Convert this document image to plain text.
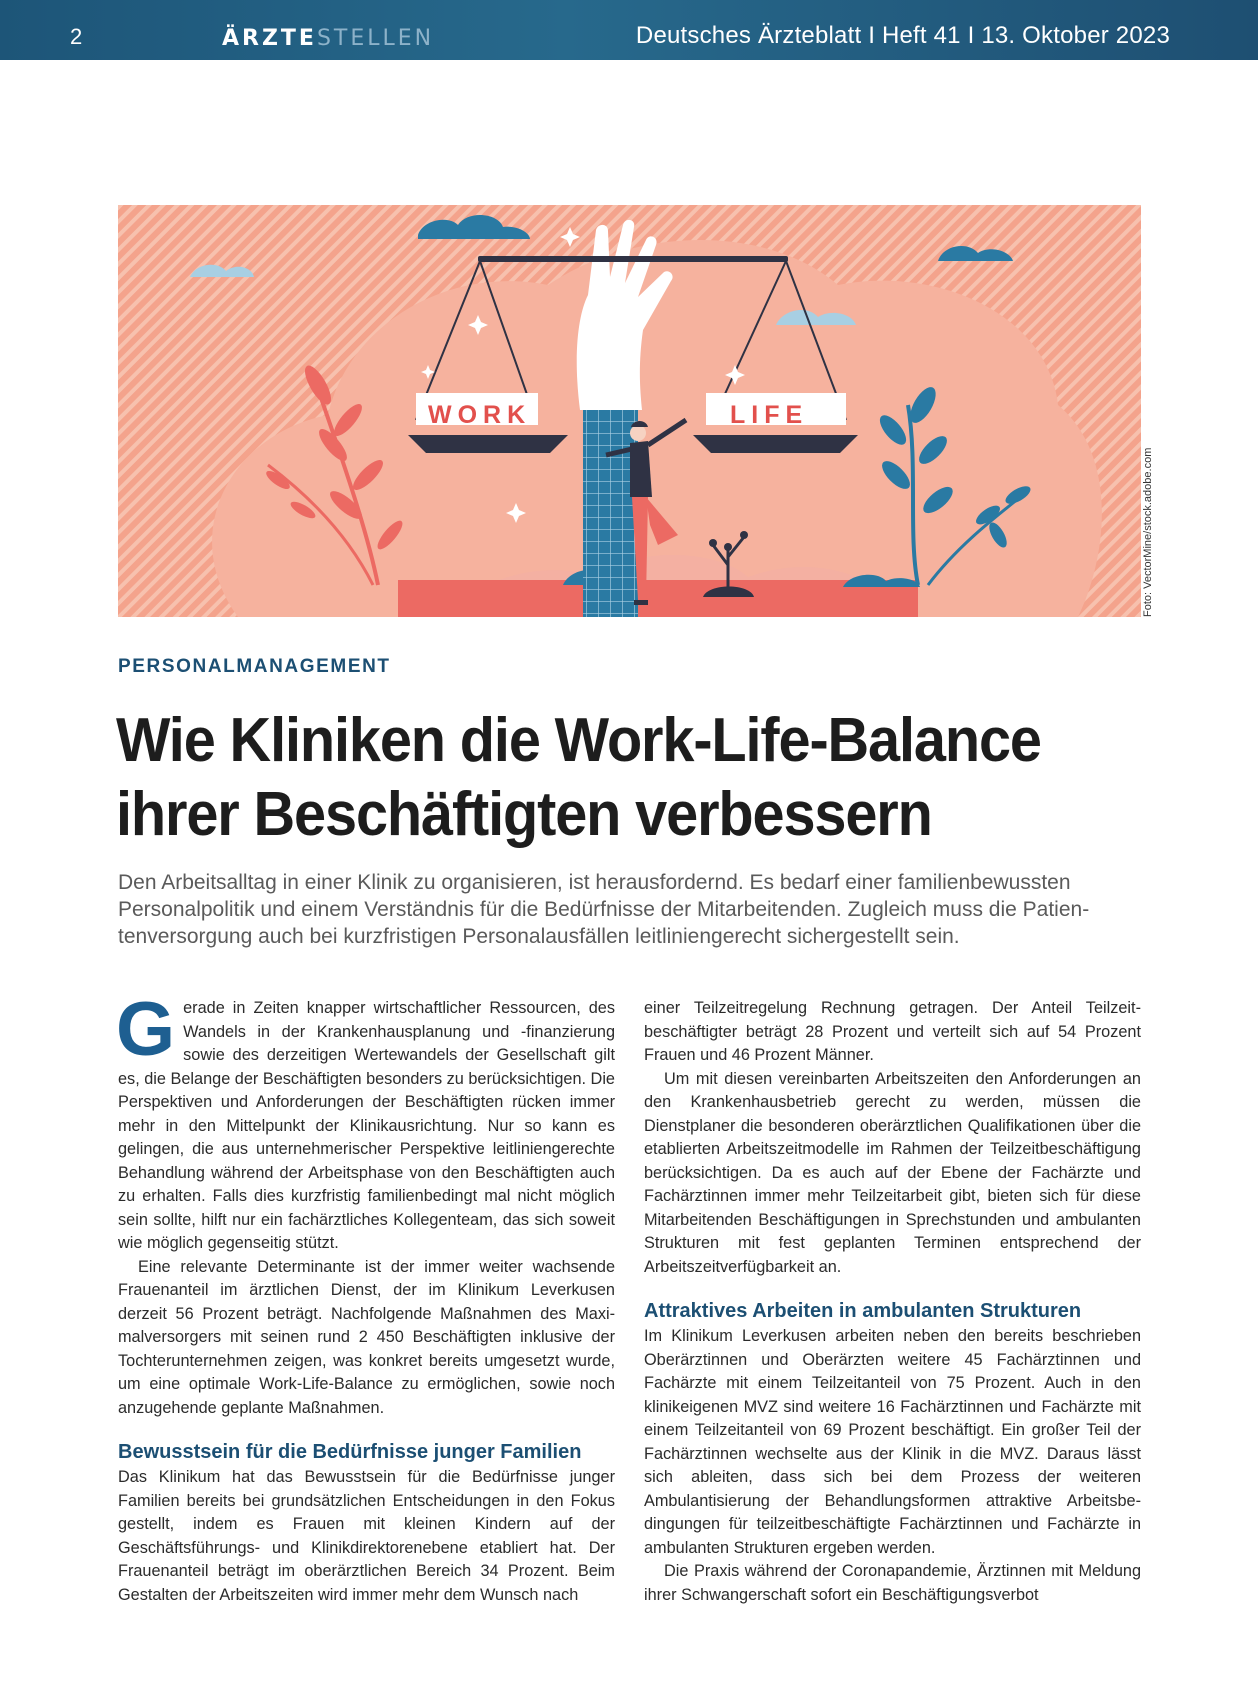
2	ÄRZTESTELLEN	Deutsches Ärzteblatt I Heft 41 I 13. Oktober 2023
WORK	LIFE
Foto: VectorMine/stock.adobe.com
PERSONALMANAGEMENT
Wie Kliniken die Work-Life-Balance
ihrer Beschäftigten verbessern
Den Arbeitsalltag in einer Klinik zu organisieren, ist herausfordernd. Es bedarf einer familienbewussten Personalpolitik und einem Verständnis für die Bedürfnisse der Mitarbeitenden. Zugleich muss die Patientenversorgung auch bei kurzfristigen Personalausfällen leitliniengerecht sichergestellt sein.

Gerade in Zeiten knapper wirtschaftlicher Ressourcen, des Wandels in der Krankenhausplanung und -finanzierung sowie des derzeitigen Wertewandels der Gesellschaft gilt es, die Belange der Beschäftigten besonders zu berücksichtigen. Die Perspektiven und Anforderungen der Beschäftigten rücken immer mehr in den Mittelpunkt der Klinikausrichtung. Nur so kann es gelingen, die aus unternehmerischer Perspektive leitliniengerechte Behandlung während der Arbeitsphase von den Beschäftigten auch zu erhalten. Falls dies kurzfristig familienbedingt mal nicht möglich sein sollte, hilft nur ein fachärztliches Kollegenteam, das sich soweit wie möglich gegenseitig stützt.

Eine relevante Determinante ist der immer weiter wachsende Frauenanteil im ärztlichen Dienst, der im Klinikum Leverkusen derzeit 56 Prozent beträgt. Nachfolgende Maßnahmen des Maximalversorgers mit seinen rund 2 450 Beschäftigten inklusive der Tochterunternehmen zeigen, was konkret bereits umgesetzt wurde, um eine optimale Work-Life-Balance zu ermöglichen, sowie noch anzugehende geplante Maßnahmen.

Bewusstsein für die Bedürfnisse junger Familien

Das Klinikum hat das Bewusstsein für die Bedürfnisse junger Familien bereits bei grundsätzlichen Entscheidungen in den Fokus gestellt, indem es Frauen mit kleinen Kindern auf der Geschäftsführungs- und Klinikdirektorenebene etabliert hat. Der Frauenanteil beträgt im oberärztlichen Bereich 34 Prozent. Beim Gestalten der Arbeitszeiten wird immer mehr dem Wunsch nach

einer Teilzeitregelung Rechnung getragen. Der Anteil Teilzeitbeschäftigter beträgt 28 Prozent und verteilt sich auf 54 Prozent Frauen und 46 Prozent Männer.

Um mit diesen vereinbarten Arbeitszeiten den Anforderungen an den Krankenhausbetrieb gerecht zu werden, müssen die Dienstplaner die besonderen oberärztlichen Qualifikationen über die etablierten Arbeitszeitmodelle im Rahmen der Teilzeitbeschäftigung berücksichtigen. Da es auch auf der Ebene der Fachärzte und Fachärztinnen immer mehr Teilzeitarbeit gibt, bieten sich für diese Mitarbeitenden Beschäftigungen in Sprechstunden und ambulanten Strukturen mit fest geplanten Terminen entsprechend der Arbeitszeitverfügbarkeit an.

Attraktives Arbeiten in ambulanten Strukturen

Im Klinikum Leverkusen arbeiten neben den bereits beschrieben Oberärztinnen und Oberärzten weitere 45 Fachärztinnen und Fachärzte mit einem Teilzeitanteil von 75 Prozent. Auch in den klinikeigenen MVZ sind weitere 16 Fachärztinnen und Fachärzte mit einem Teilzeitanteil von 69 Prozent beschäftigt. Ein großer Teil der Fachärztinnen wechselte aus der Klinik in die MVZ. Daraus lässt sich ableiten, dass sich bei dem Prozess der weiteren Ambulantisierung der Behandlungsformen attraktive Arbeitsbedingungen für teilzeitbeschäftigte Fachärztinnen und Fachärzte in ambulanten Strukturen ergeben werden.

Die Praxis während der Coronapandemie, Ärztinnen mit Meldung ihrer Schwangerschaft sofort ein Beschäftigungsverbot
